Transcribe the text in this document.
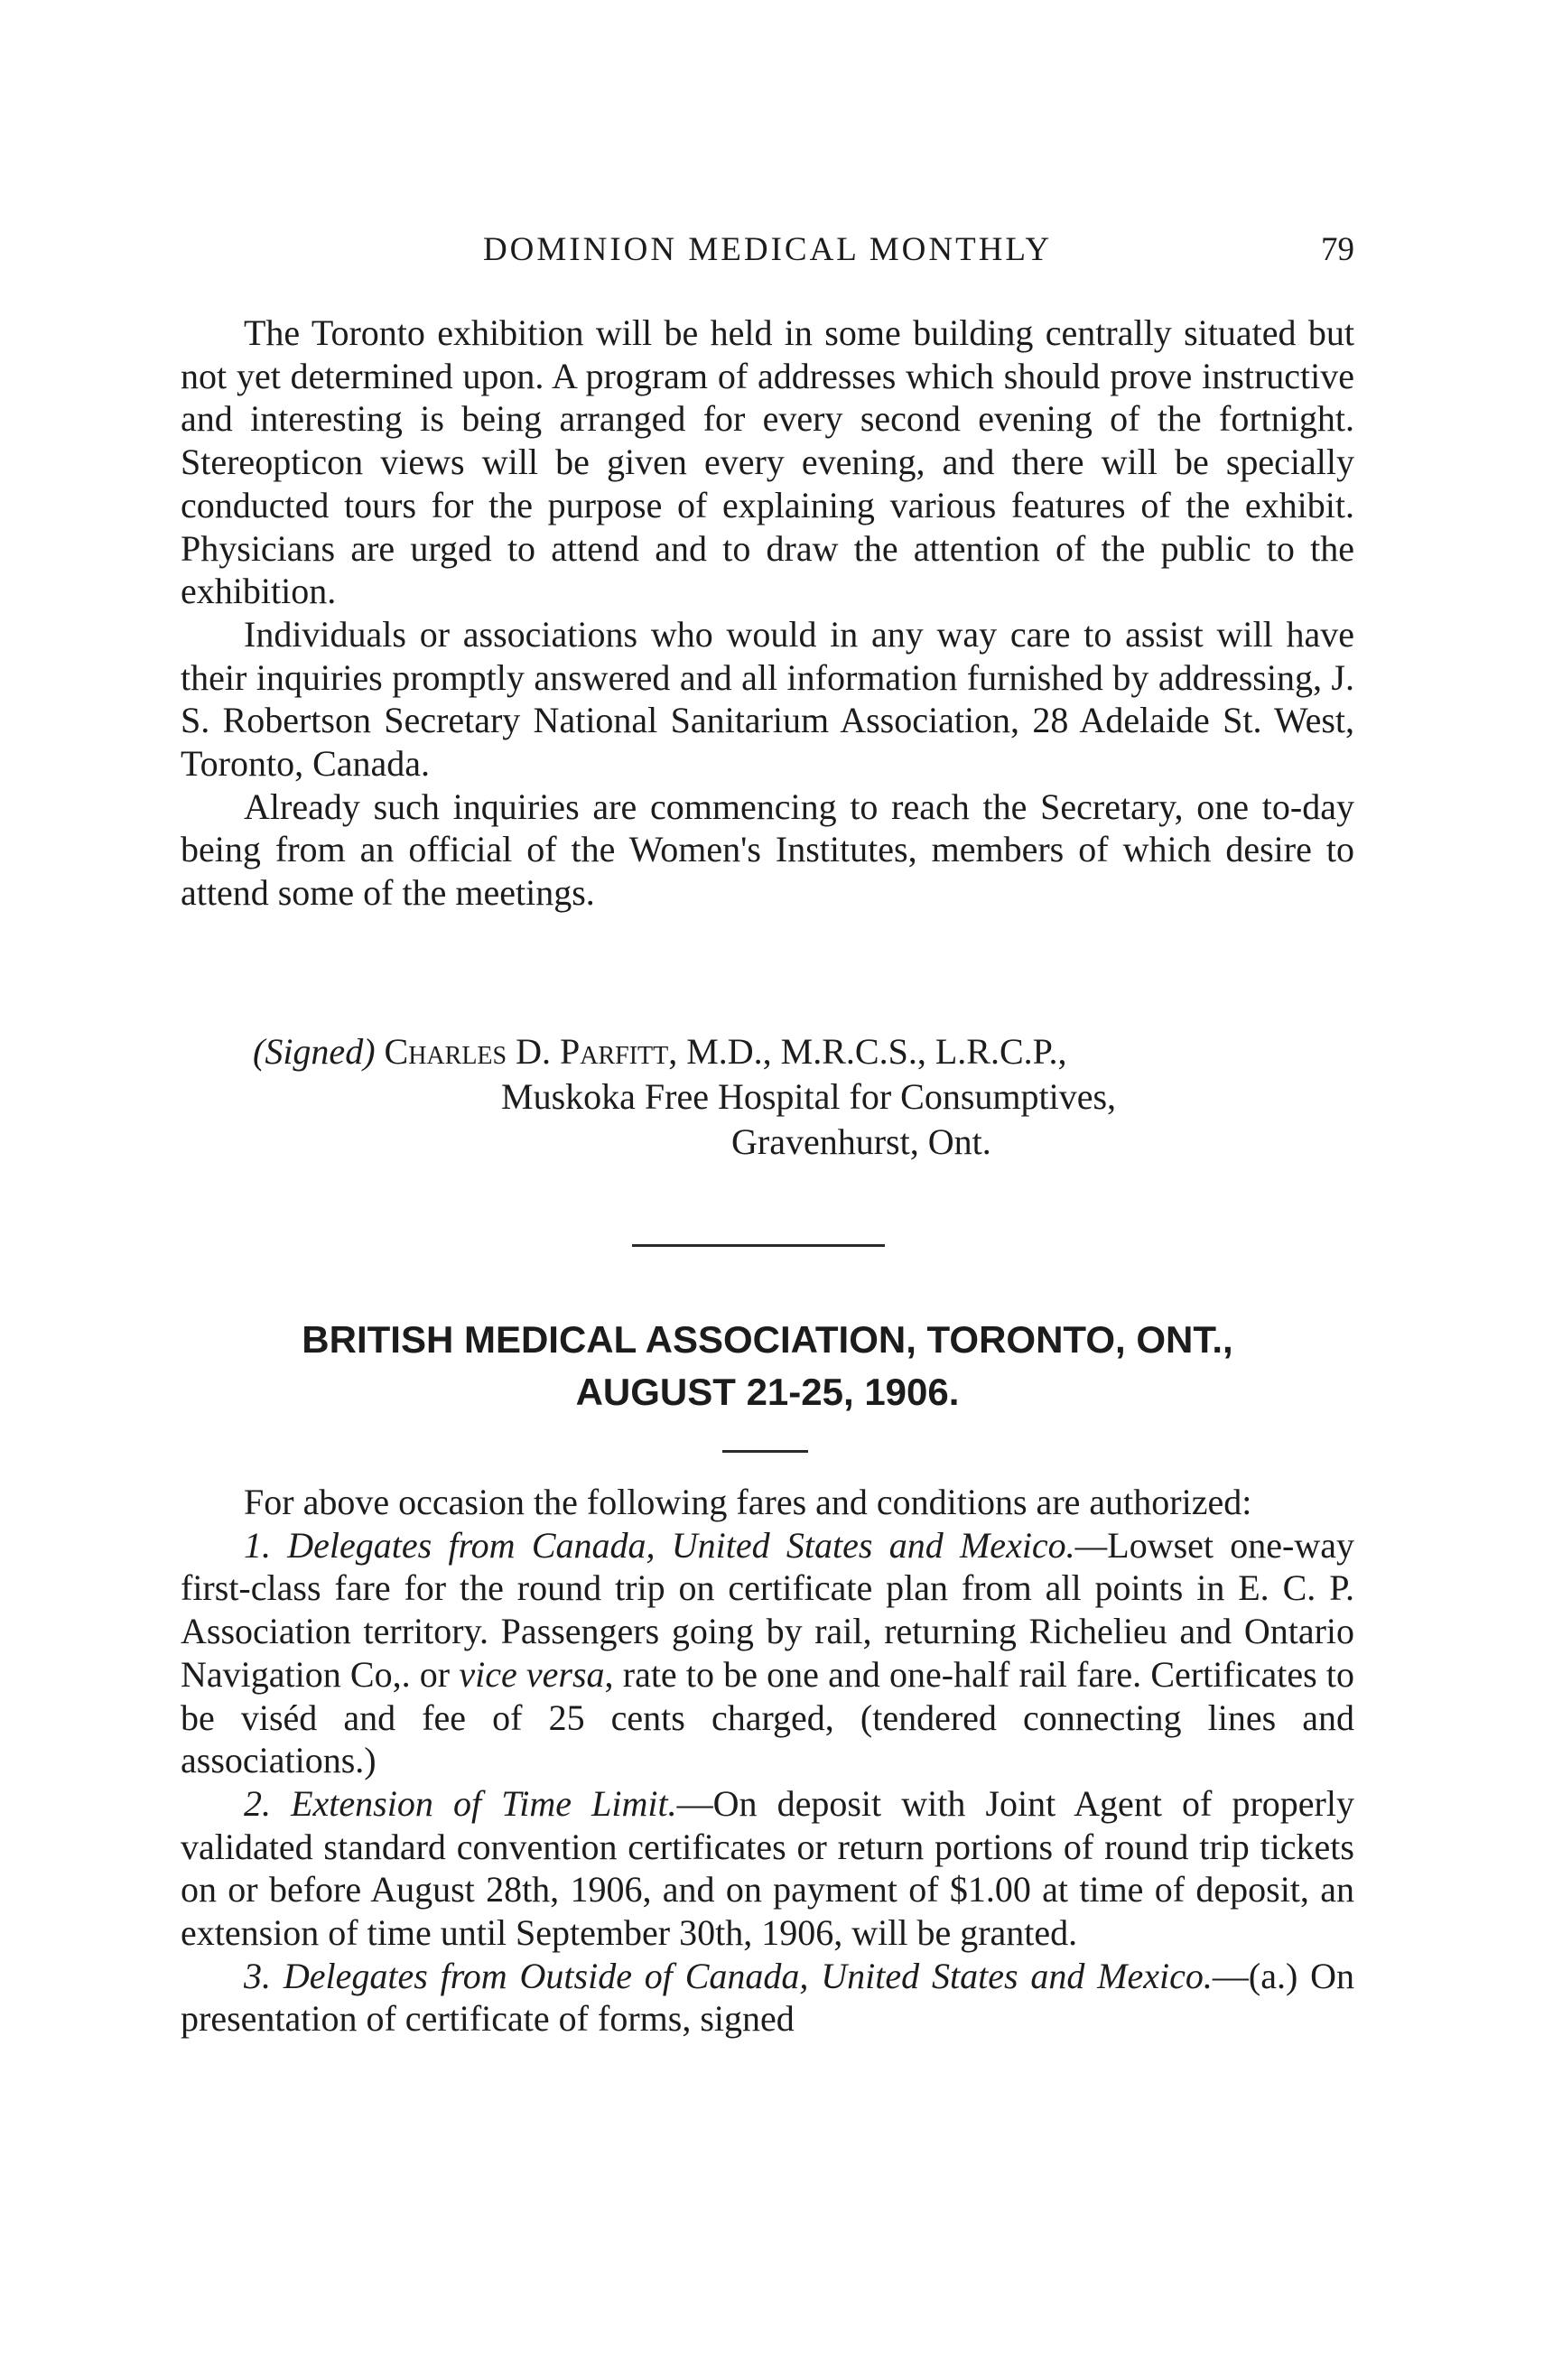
DOMINION MEDICAL MONTHLY	79

The Toronto exhibition will be held in some building centrally situated but not yet determined upon. A program of addresses which should prove instructive and interesting is being arranged for every second evening of the fortnight. Stereopticon views will be given every evening, and there will be specially conducted tours for the purpose of explaining various features of the exhibit. Physicians are urged to attend and to draw the attention of the public to the exhibition.

Individuals or associations who would in any way care to assist will have their inquiries promptly answered and all information furnished by addressing, J. S. Robertson Secretary National Sanitarium Association, 28 Adelaide St. West, Toronto, Canada.

Already such inquiries are commencing to reach the Secretary, one to-day being from an official of the Women's Institutes, members of which desire to attend some of the meetings.

(Signed) Charles D. Parfitt, M.D., M.R.C.S., L.R.C.P.,
Muskoka Free Hospital for Consumptives,
Gravenhurst, Ont.
BRITISH MEDICAL ASSOCIATION, TORONTO, ONT.,
AUGUST 21-25, 1906.

For above occasion the following fares and conditions are authorized:

1. Delegates from Canada, United States and Mexico.—Lowset one-way first-class fare for the round trip on certificate plan from all points in E. C. P. Association territory. Passengers going by rail, returning Richelieu and Ontario Navigation Co,. or vice versa, rate to be one and one-half rail fare. Certificates to be viséd and fee of 25 cents charged, (tendered connecting lines and associations.)

2. Extension of Time Limit.—On deposit with Joint Agent of properly validated standard convention certificates or return portions of round trip tickets on or before August 28th, 1906, and on payment of $1.00 at time of deposit, an extension of time until September 30th, 1906, will be granted.

3. Delegates from Outside of Canada, United States and Mexico.—(a.) On presentation of certificate of forms, signed
